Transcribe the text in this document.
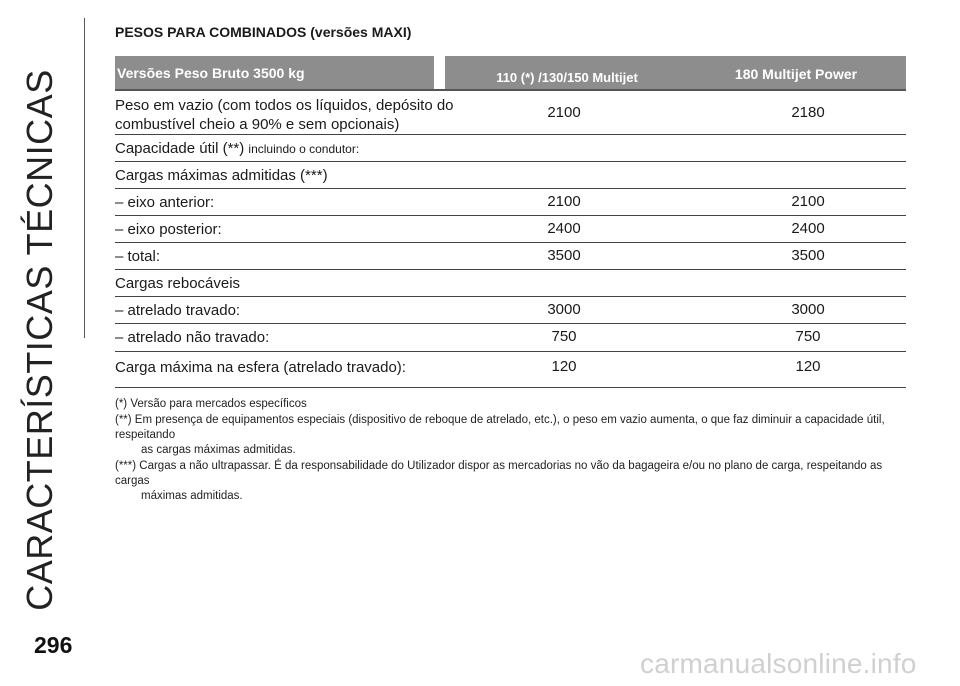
CARACTERÍSTICAS TÉCNICAS
296
carmanualsonline.info
PESOS PARA COMBINADOS (versões MAXI)
Versões Peso Bruto 3500 kg	110 (*) /130/150 Multijet	180 Multijet Power
Peso em vazio (com todos os líquidos, depósito do
combustível cheio a 90% e sem opcionais)
2100	2180
Capacidade útil (**) incluindo o condutor:
Cargas máximas admitidas (***)
– eixo anterior:	2100	2100
– eixo posterior:	2400	2400
– total:	3500	3500
Cargas rebocáveis
– atrelado travado:	3000	3000
– atrelado não travado:	750	750
Carga máxima na esfera (atrelado travado):	120	120
(*) Versão para mercados específicos
(**) Em presença de equipamentos especiais (dispositivo de reboque de atrelado, etc.), o peso em vazio aumenta, o que faz diminuir a capacidade útil, respeitando
as cargas máximas admitidas.
(***) Cargas a não ultrapassar. É da responsabilidade do Utilizador dispor as mercadorias no vão da bagageira e/ou no plano de carga, respeitando as cargas
máximas admitidas.
